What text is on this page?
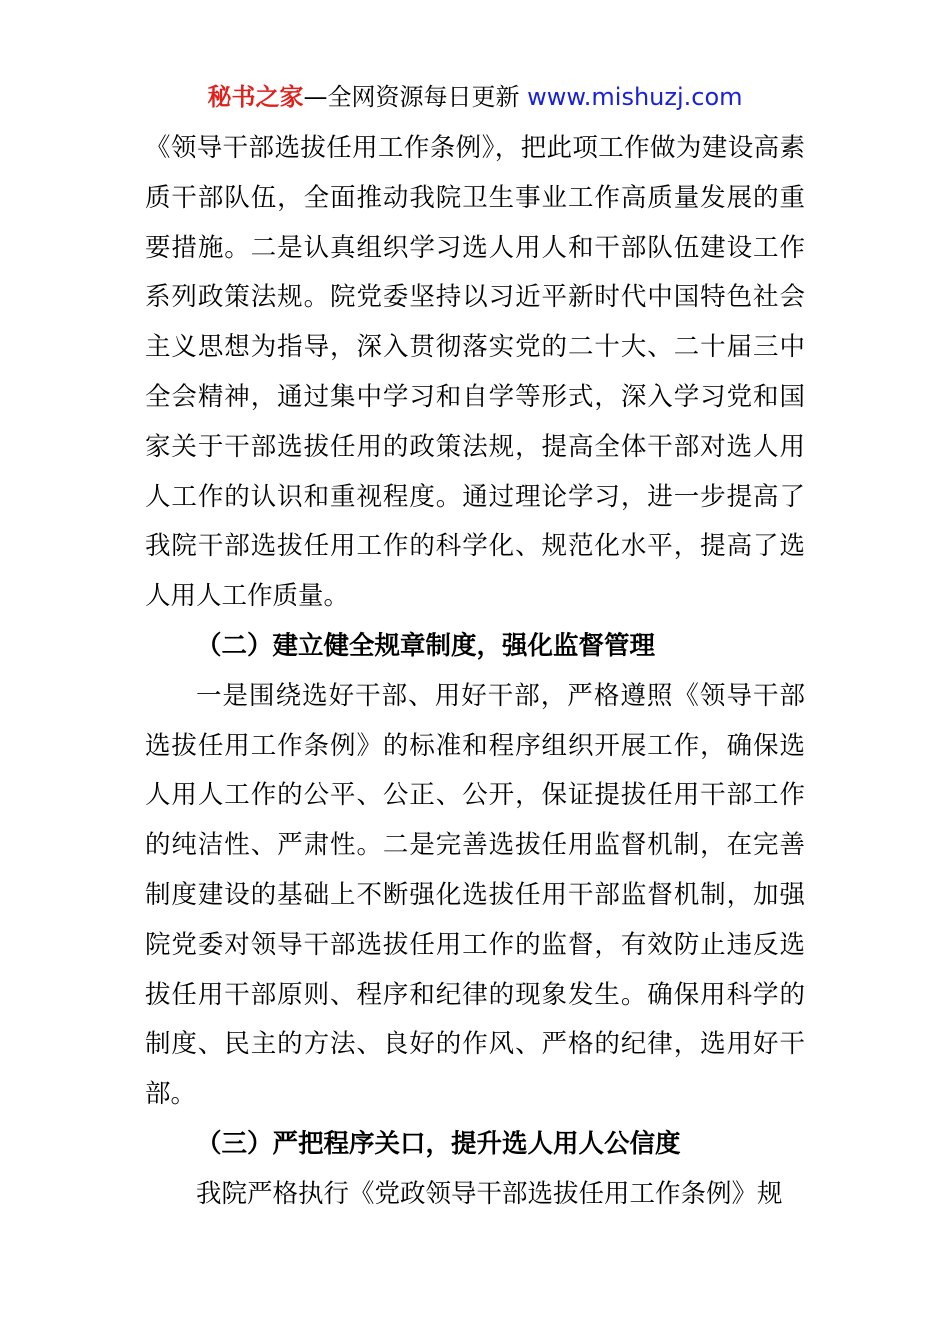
秘书之家—全网资源每日更新 www.mishuzj.com

《领导干部选拔任用工作条例》，把此项工作做为建设高素质干部队伍，全面推动我院卫生事业工作高质量发展的重要措施。二是认真组织学习选人用人和干部队伍建设工作系列政策法规。院党委坚持以习近平新时代中国特色社会主义思想为指导，深入贯彻落实党的二十大、二十届三中全会精神，通过集中学习和自学等形式，深入学习党和国家关于干部选拔任用的政策法规，提高全体干部对选人用人工作的认识和重视程度。通过理论学习，进一步提高了我院干部选拔任用工作的科学化、规范化水平，提高了选人用人工作质量。

（二）建立健全规章制度，强化监督管理

一是围绕选好干部、用好干部，严格遵照《领导干部选拔任用工作条例》的标准和程序组织开展工作，确保选人用人工作的公平、公正、公开，保证提拔任用干部工作的纯洁性、严肃性。二是完善选拔任用监督机制，在完善制度建设的基础上不断强化选拔任用干部监督机制，加强院党委对领导干部选拔任用工作的监督，有效防止违反选拔任用干部原则、程序和纪律的现象发生。确保用科学的制度、民主的方法、良好的作风、严格的纪律，选用好干部。

（三）严把程序关口，提升选人用人公信度

我院严格执行《党政领导干部选拔任用工作条例》规
